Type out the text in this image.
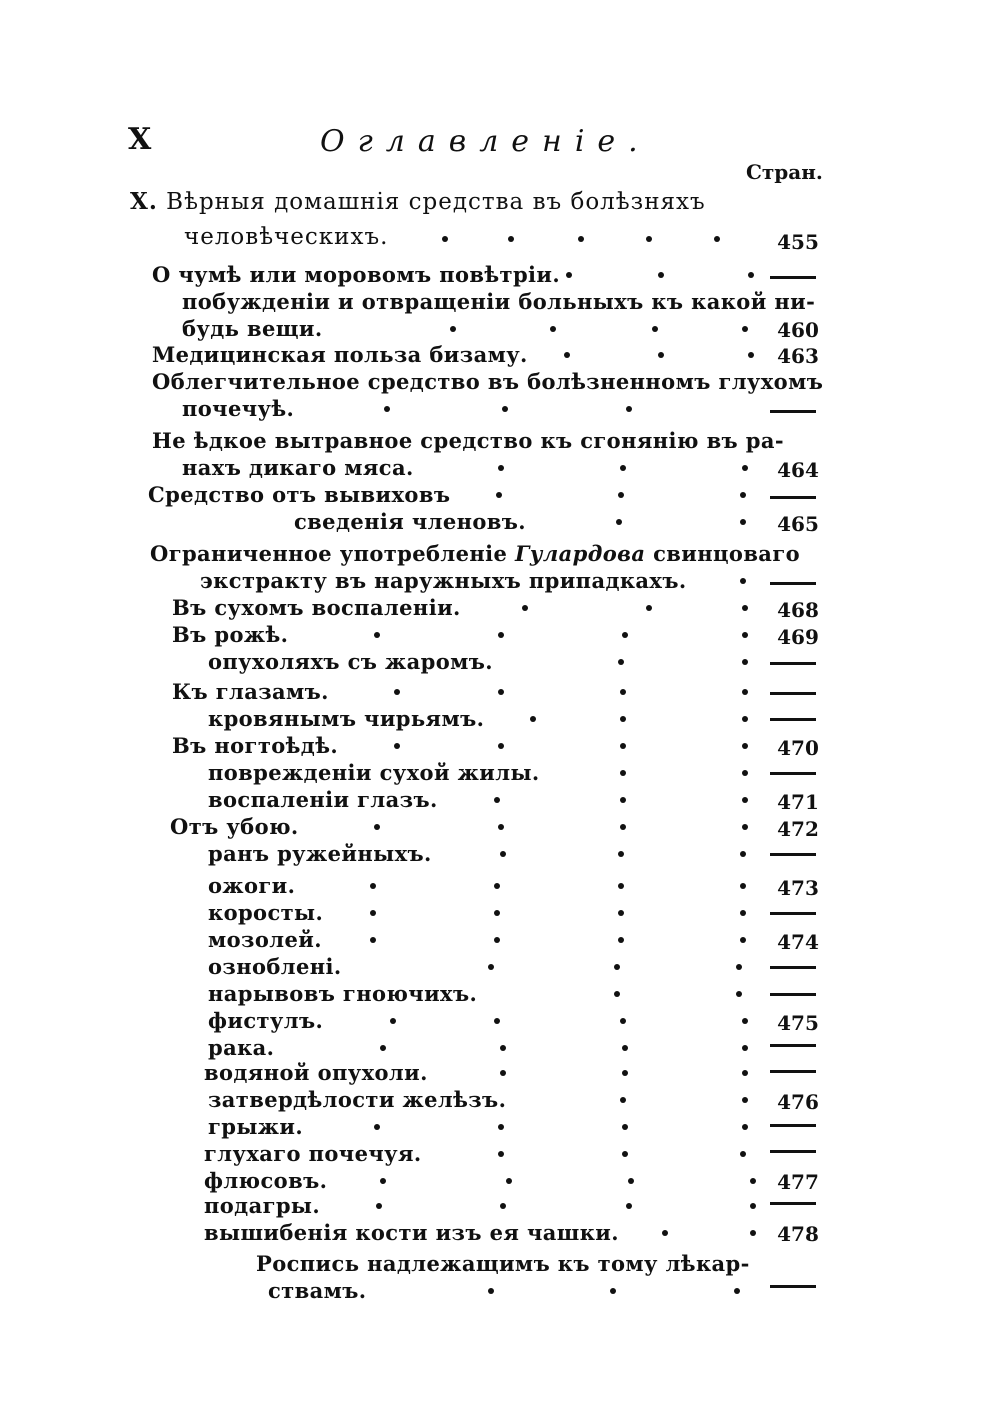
X	Оглавленіе.
Стран.
X. Вѣрныя домашнія средства въ болѣзняхъ
человѣческихъ.	455
О чумѣ или моровомъ повѣтріи.
побужденіи и отвращеніи больныхъ къ какой ни-
будь вещи.	460
Медицинская польза бизаму.	463
Облегчительное средство въ болѣзненномъ глухомъ
почечуѣ.
Не ѣдкое вытравное средство къ сгонянію въ ра-
нахъ дикаго мяса.	464
Средство отъ вывиховъ
сведенія членовъ.	465
Ограниченное употребленіе Гулардова свинцоваго
экстракту въ наружныхъ припадкахъ.
Въ сухомъ воспаленіи.	468
Въ рожѣ.	469
опухоляхъ съ жаромъ.
Къ глазамъ.
кровянымъ чирьямъ.
Въ ногтоѣдѣ.	470
поврежденіи сухой жилы.
воспаленіи глазъ.	471
Отъ убою.	472
ранъ ружейныхъ.
ожоги.	473
коросты.
мозолей.	474
озноблені.
нарывовъ гноючихъ.
фистулъ.	475
рака.
водяной опухоли.
затвердѣлости желѣзъ.	476
грыжи.
глухаго почечуя.
флюсовъ.	477
подагры.
вышибенія кости изъ ея чашки.	478
Роспись надлежащимъ къ тому лѣкар-
ствамъ.
